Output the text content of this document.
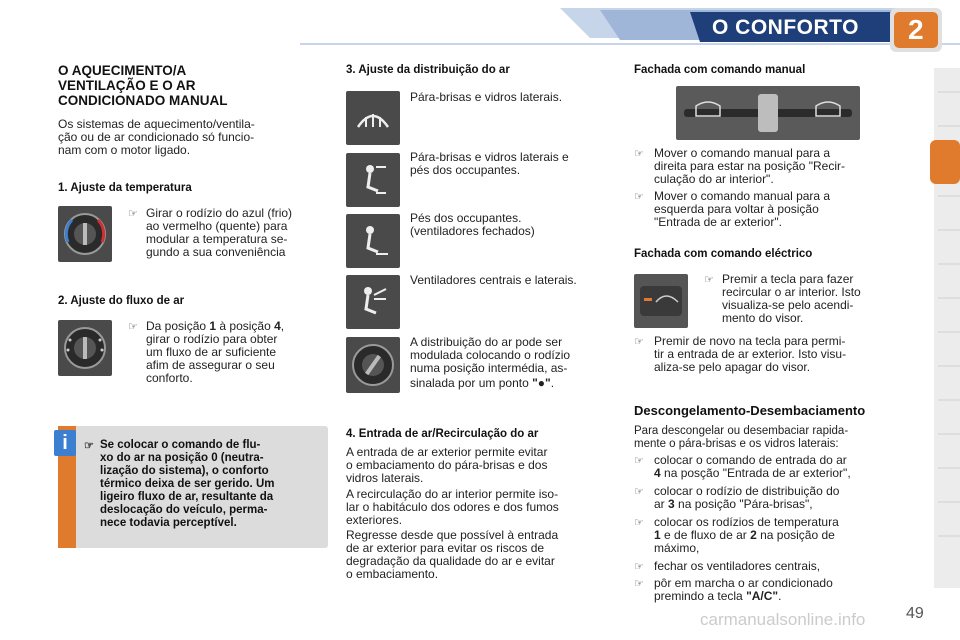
O CONFORTO 2
O AQUECIMENTO/A
VENTILAÇÃO E O AR
CONDICIONADO MANUAL
Os sistemas de aquecimento/ventila-
ção ou de ar condicionado só funcio-
nam com o motor ligado.
1. Ajuste da temperatura
☞ Girar o rodízio do azul (frio)
ao vermelho (quente) para
modular a temperatura se-
gundo a sua conveniência
2. Ajuste do fluxo de ar
☞ Da posição 1 à posição 4,
girar o rodízio para obter
um fluxo de ar suficiente
afim de assegurar o seu
conforto.
i	☞ Se colocar o comando de flu-
xo do ar na posição 0 (neutra-
lização do sistema), o conforto
térmico deixa de ser gerido. Um
ligeiro fluxo de ar, resultante da
deslocação do veículo, perma-
nece todavia perceptível.
3. Ajuste da distribuição do ar
Pára-brisas e vidros laterais.
Pára-brisas e vidros laterais e
pés dos occupantes.
Pés dos occupantes.
(ventiladores fechados)
Ventiladores centrais e laterais.
A distribuição do ar pode ser
modulada colocando o rodízio
numa posição intermédia, as-
sinalada por um ponto "●".
4. Entrada de ar/Recirculação do ar
A entrada de ar exterior permite evitar
o embaciamento do pára-brisas e dos
vidros laterais.
A recirculação do ar interior permite iso-
lar o habitáculo dos odores e dos fumos
exteriores.
Regresse desde que possível à entrada
de ar exterior para evitar os riscos de
degradação da qualidade do ar e evitar
o embaciamento.
Fachada com comando manual
☞ Mover o comando manual para a
direita para estar na posição "Recir-
culação do ar interior".
☞ Mover o comando manual para a
esquerda para voltar à posição
"Entrada de ar exterior".
Fachada com comando eléctrico
☞ Premir a tecla para fazer
recircular o ar interior. Isto
visualiza-se pelo acendi-
mento do visor.
☞ Premir de novo na tecla para permi-
tir a entrada de ar exterior. Isto visu-
aliza-se pelo apagar do visor.
Descongelamento-Desembaciamento
Para descongelar ou desembaciar rapida-
mente o pára-brisas e os vidros laterais:
☞ colocar o comando de entrada do ar
4 na posção "Entrada de ar exterior",
☞ colocar o rodízio de distribuição do
ar 3 na posição "Pára-brisas",
☞ colocar os rodízios de temperatura
1 e de fluxo de ar 2 na posição de
máximo,
☞ fechar os ventiladores centrais,
☞ pôr em marcha o ar condicionado
premindo a tecla "A/C".
49
carmanualsonline.info
